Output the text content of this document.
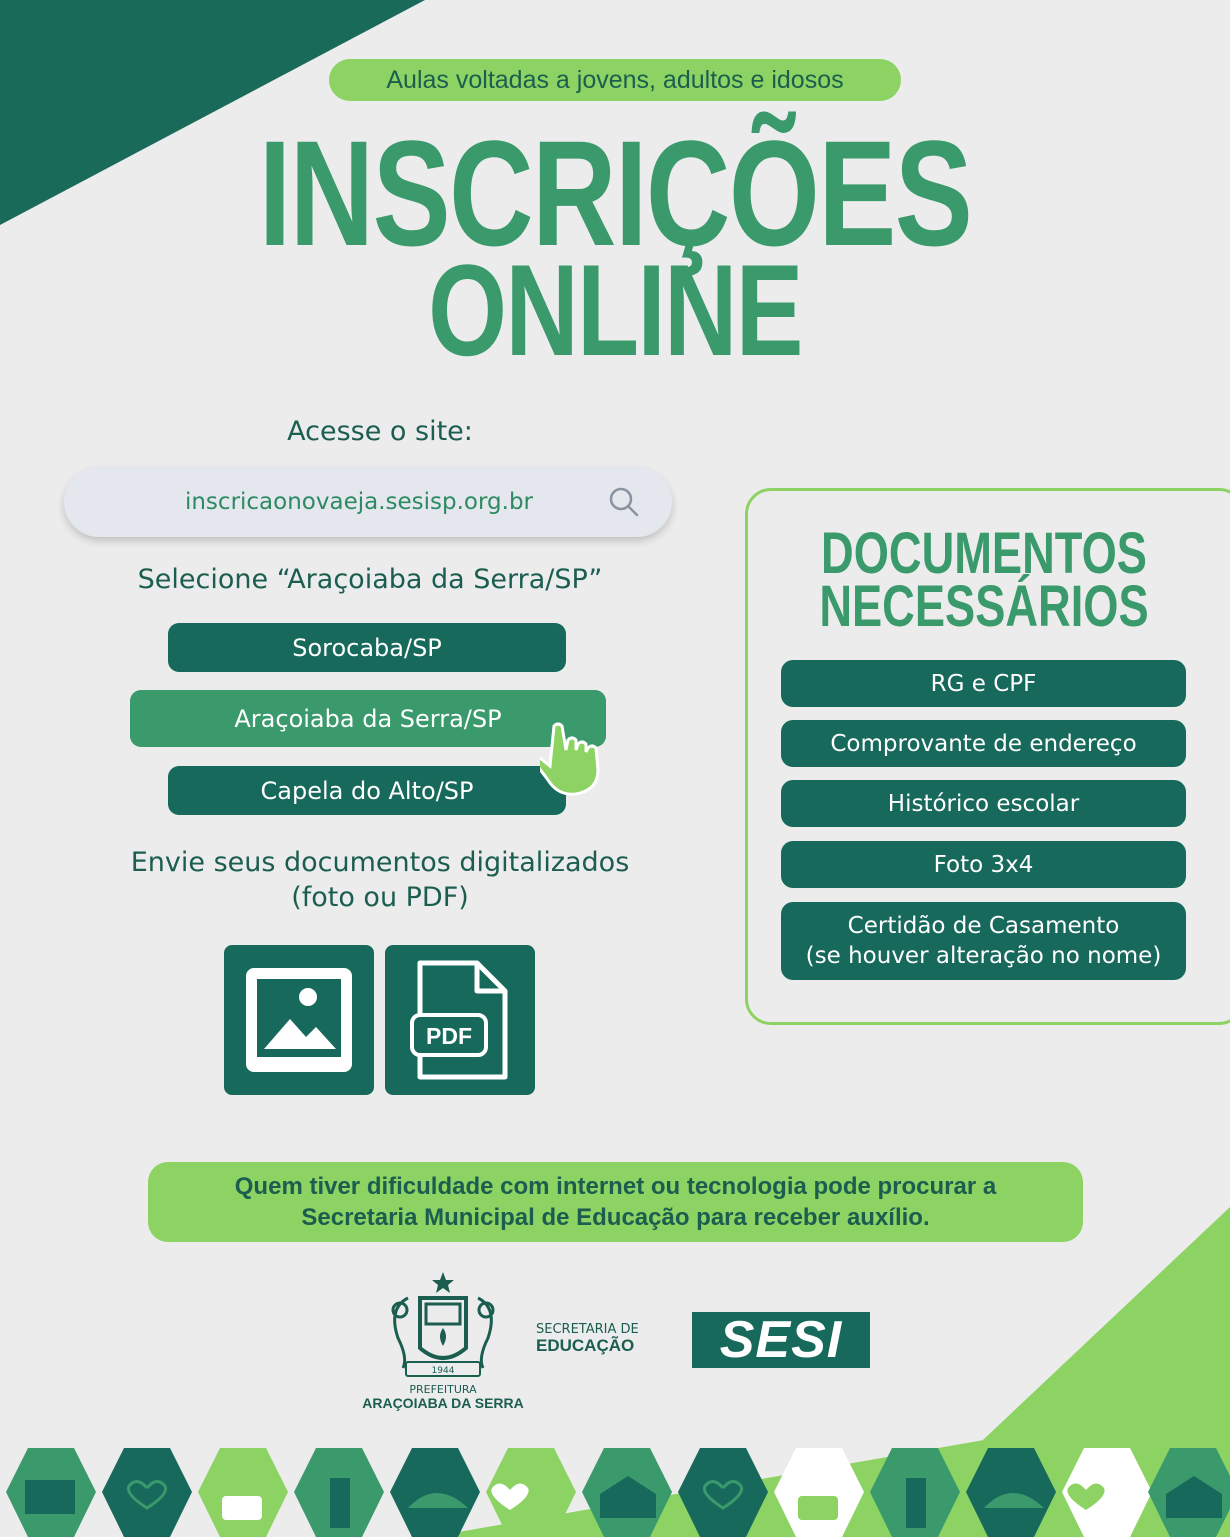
Aulas voltadas a jovens, adultos e idosos
INSCRIÇÕES
ONLINE
Acesse o site:
inscricaonovaeja.sesisp.org.br
Selecione “Araçoiaba da Serra/SP”
Sorocaba/SP
Araçoiaba da Serra/SP
Capela do Alto/SP
Envie seus documentos digitalizados
(foto ou PDF)
PDF
DOCUMENTOS
NECESSÁRIOS
RG e CPF
Comprovante de endereço
Histórico escolar
Foto 3x4
Certidão de Casamento
(se houver alteração no nome)
Quem tiver dificuldade com internet ou tecnologia pode procurar a
Secretaria Municipal de Educação para receber auxílio.
1944
PREFEITURA
ARAÇOIABA DA SERRA
SECRETARIA DE
EDUCAÇÃO	SESI
